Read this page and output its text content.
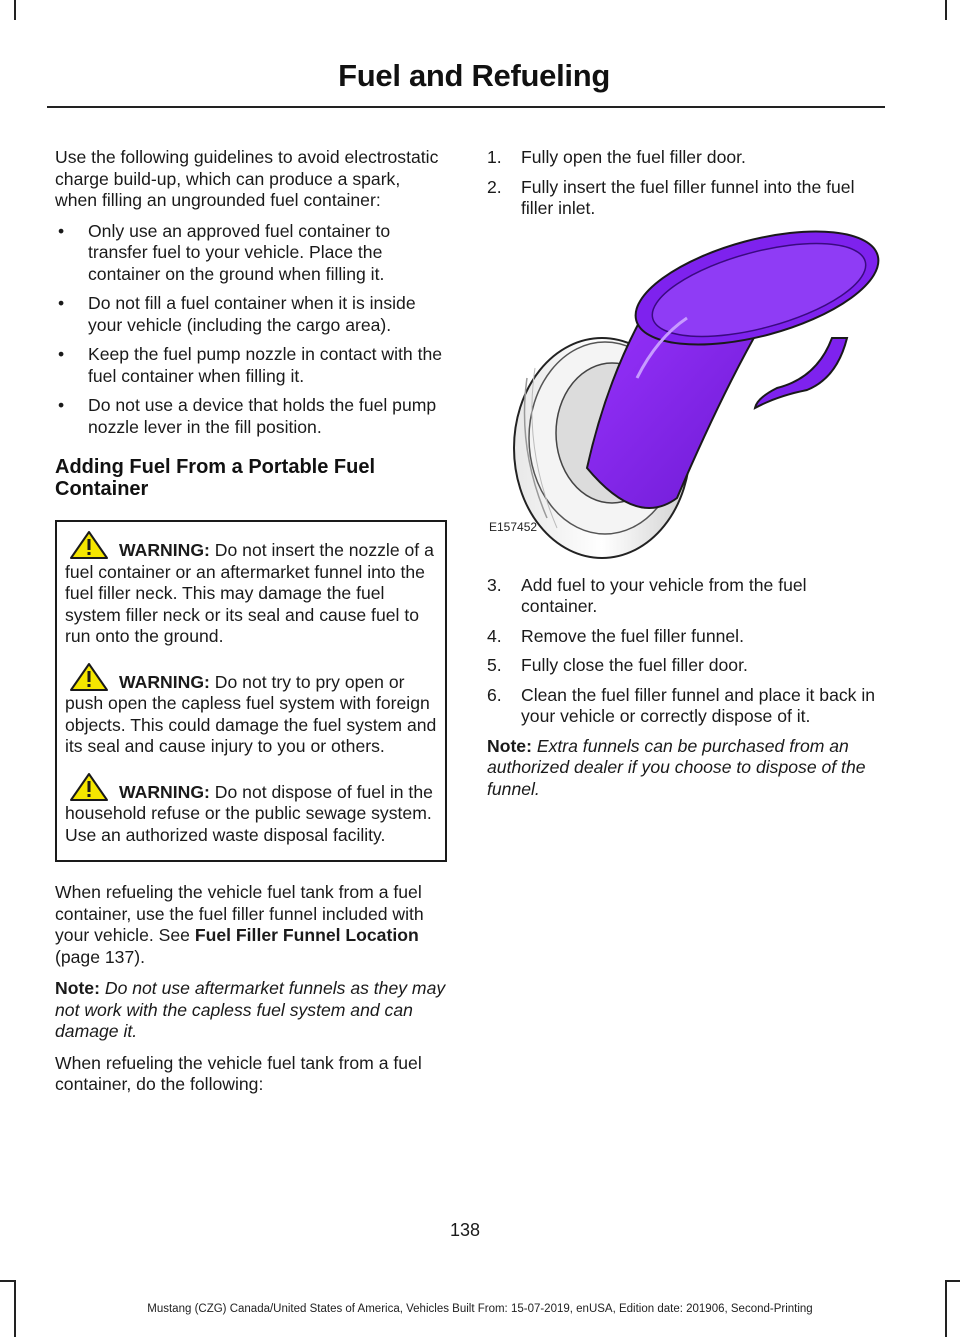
Fuel and Refueling

Use the following guidelines to avoid electrostatic charge build-up, which can produce a spark, when filling an ungrounded fuel container:

• Only use an approved fuel container to transfer fuel to your vehicle. Place the container on the ground when filling it.
• Do not fill a fuel container when it is inside your vehicle (including the cargo area).
• Keep the fuel pump nozzle in contact with the fuel container when filling it.
• Do not use a device that holds the fuel pump nozzle lever in the fill position.
Adding Fuel From a Portable Fuel Container
WARNING: Do not insert the nozzle of a fuel container or an aftermarket funnel into the fuel filler neck. This may damage the fuel system filler neck or its seal and cause fuel to run onto the ground.
WARNING: Do not try to pry open or push open the capless fuel system with foreign objects. This could damage the fuel system and its seal and cause injury to you or others.
WARNING: Do not dispose of fuel in the household refuse or the public sewage system. Use an authorized waste disposal facility.

When refueling the vehicle fuel tank from a fuel container, use the fuel filler funnel included with your vehicle. See Fuel Filler Funnel Location (page 137).

Note: Do not use aftermarket funnels as they may not work with the capless fuel system and can damage it.

When refueling the vehicle fuel tank from a fuel container, do the following:

1. Fully open the fuel filler door.
2. Fully insert the fuel filler funnel into the fuel filler inlet.
E157452
3. Add fuel to your vehicle from the fuel container.
4. Remove the fuel filler funnel.
5. Fully close the fuel filler door.
6. Clean the fuel filler funnel and place it back in your vehicle or correctly dispose of it.

Note: Extra funnels can be purchased from an authorized dealer if you choose to dispose of the funnel.

138
Mustang (CZG) Canada/United States of America, Vehicles Built From: 15-07-2019, enUSA, Edition date: 201906, Second-Printing
